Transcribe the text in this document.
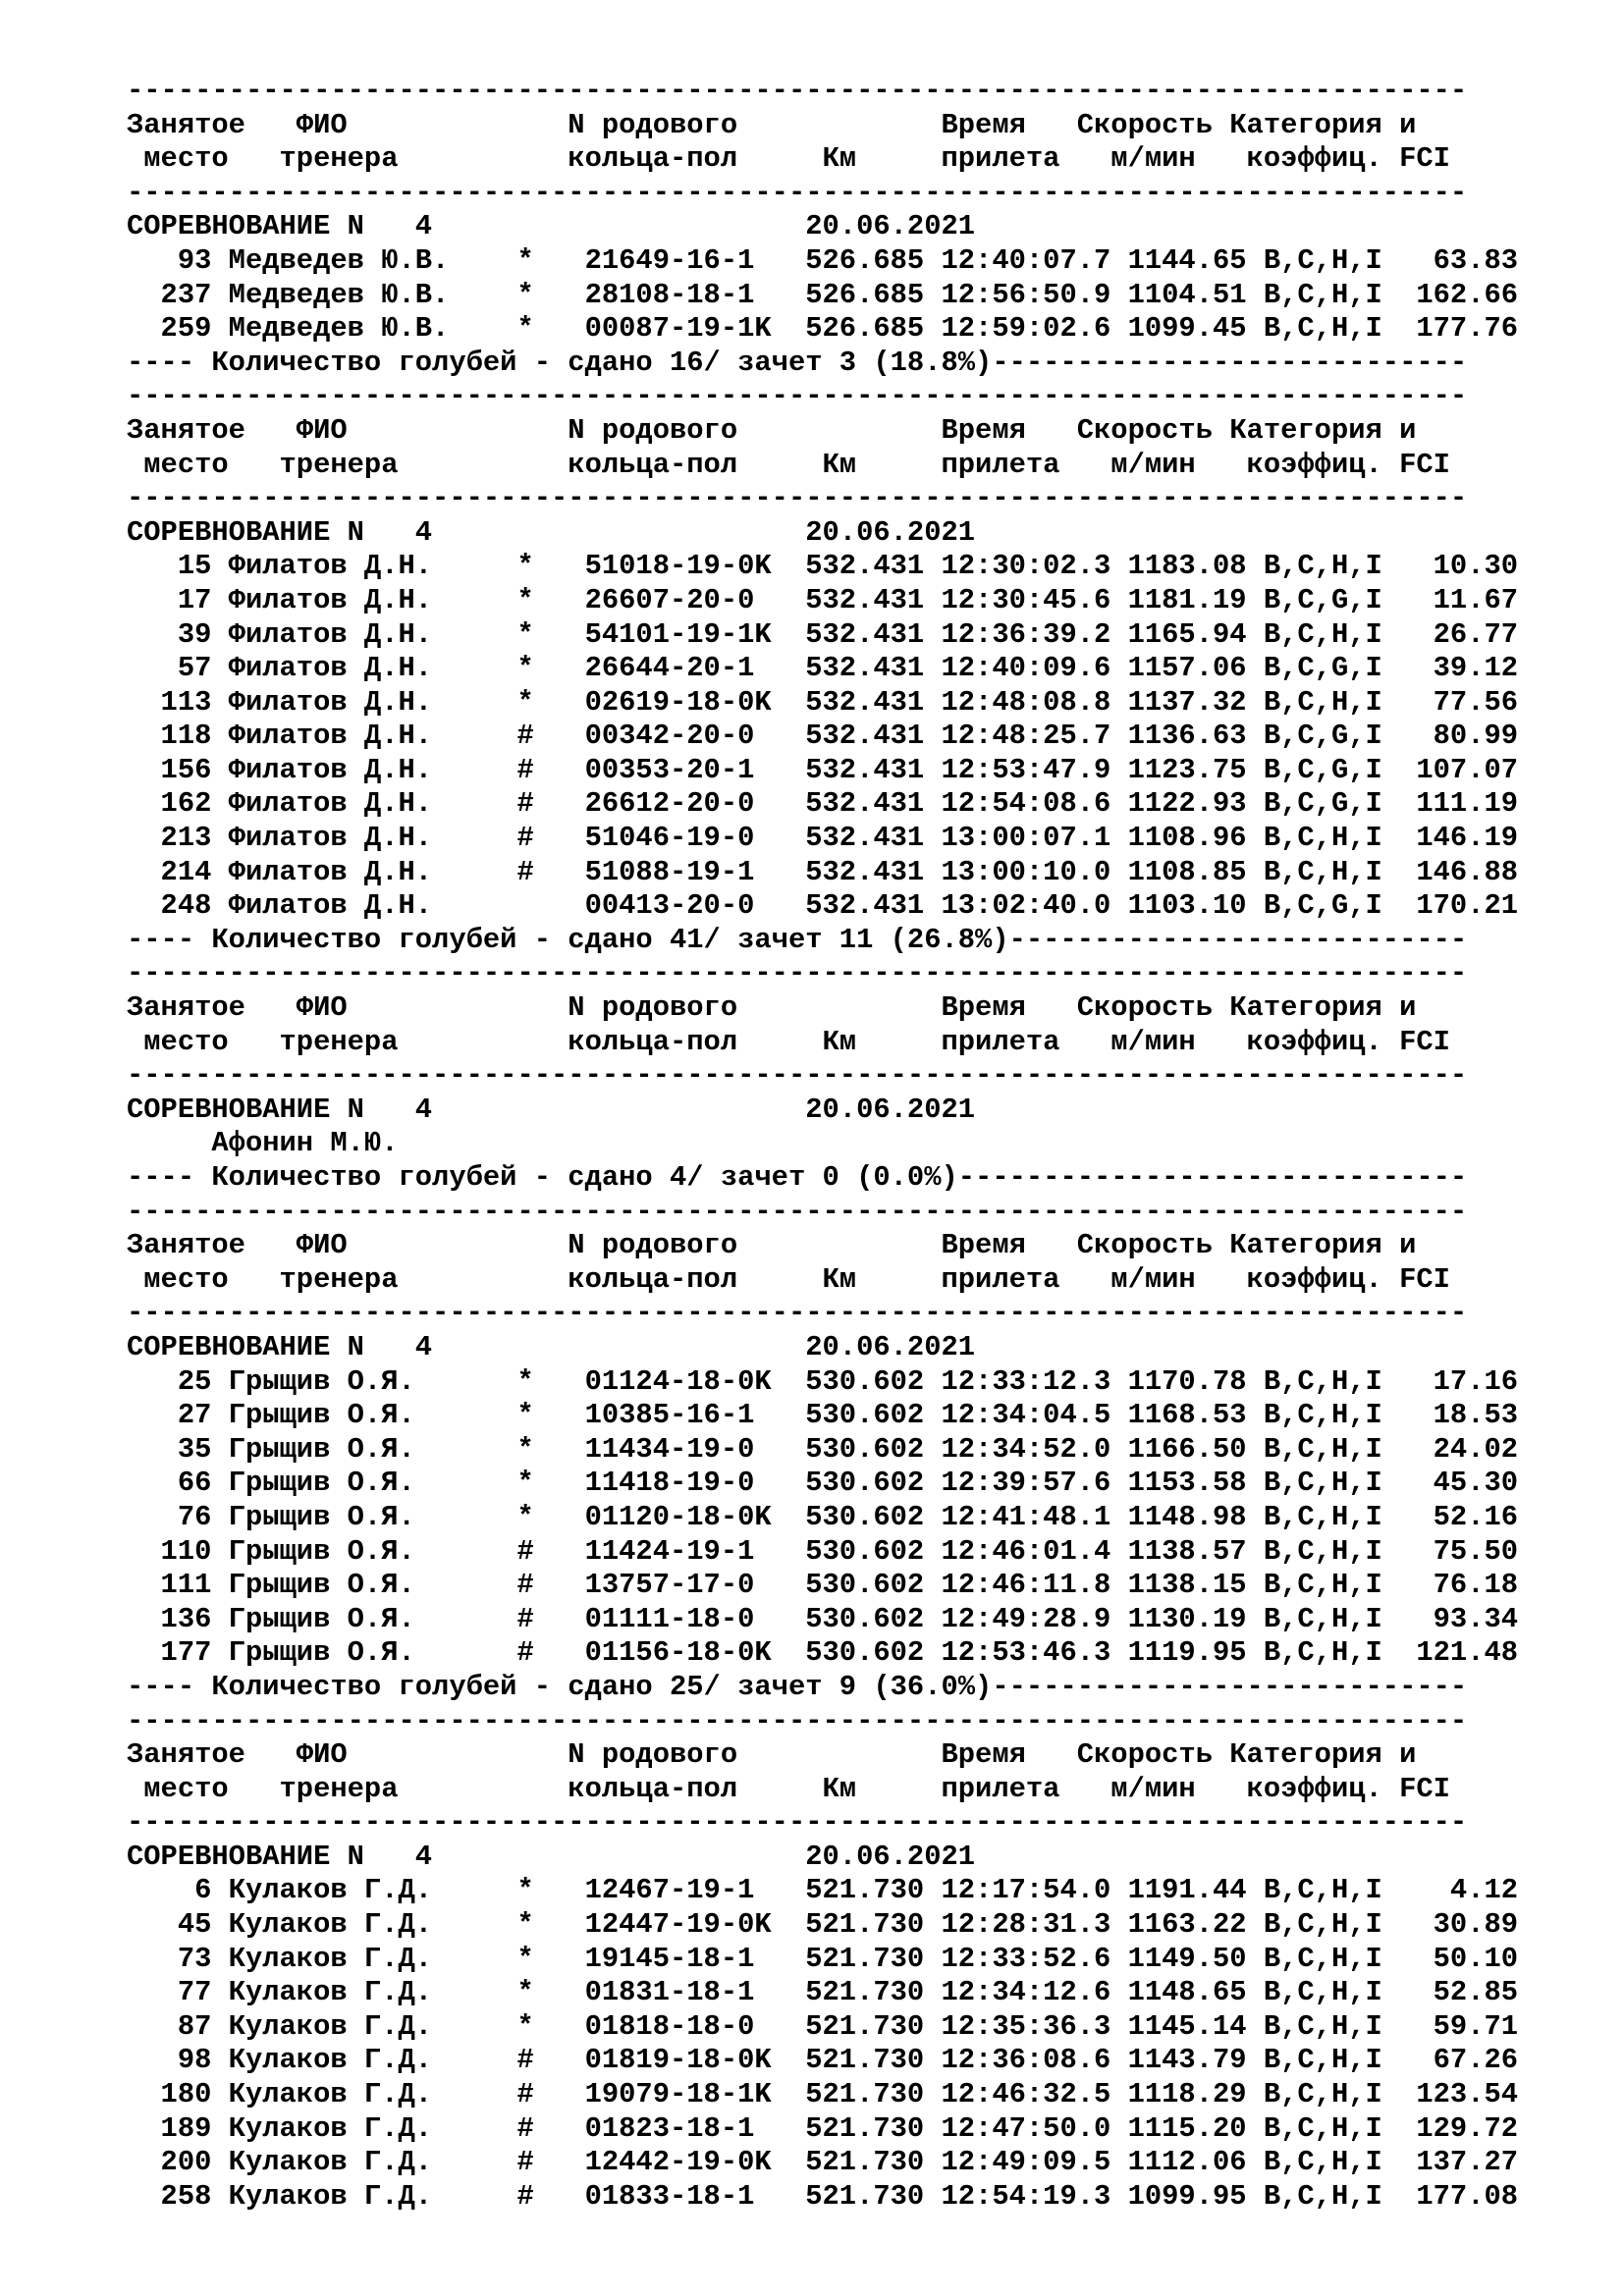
-------------------------------------------------------------------------------
Занятое   ФИО             N родового            Время   Скорость Категория и
место   тренера          кольца-пол     Км     прилета   м/мин   коэффиц. FCI
-------------------------------------------------------------------------------
СОРЕВНОВАНИЕ N   4                      20.06.2021
93 Медведев Ю.В.    *   21649-16-1   526.685 12:40:07.7 1144.65 B,C,H,I   63.83
237 Медведев Ю.В.    *   28108-18-1   526.685 12:56:50.9 1104.51 B,C,H,I  162.66
259 Медведев Ю.В.    *   00087-19-1K  526.685 12:59:02.6 1099.45 B,C,H,I  177.76
---- Количество голубей - сдано 16/ зачет 3 (18.8%)----------------------------
-------------------------------------------------------------------------------
Занятое   ФИО             N родового            Время   Скорость Категория и
место   тренера          кольца-пол     Км     прилета   м/мин   коэффиц. FCI
-------------------------------------------------------------------------------
СОРЕВНОВАНИЕ N   4                      20.06.2021
15 Филатов Д.Н.     *   51018-19-0K  532.431 12:30:02.3 1183.08 B,C,H,I   10.30
17 Филатов Д.Н.     *   26607-20-0   532.431 12:30:45.6 1181.19 B,C,G,I   11.67
39 Филатов Д.Н.     *   54101-19-1K  532.431 12:36:39.2 1165.94 B,C,H,I   26.77
57 Филатов Д.Н.     *   26644-20-1   532.431 12:40:09.6 1157.06 B,C,G,I   39.12
113 Филатов Д.Н.     *   02619-18-0K  532.431 12:48:08.8 1137.32 B,C,H,I   77.56
118 Филатов Д.Н.     #   00342-20-0   532.431 12:48:25.7 1136.63 B,C,G,I   80.99
156 Филатов Д.Н.     #   00353-20-1   532.431 12:53:47.9 1123.75 B,C,G,I  107.07
162 Филатов Д.Н.     #   26612-20-0   532.431 12:54:08.6 1122.93 B,C,G,I  111.19
213 Филатов Д.Н.     #   51046-19-0   532.431 13:00:07.1 1108.96 B,C,H,I  146.19
214 Филатов Д.Н.     #   51088-19-1   532.431 13:00:10.0 1108.85 B,C,H,I  146.88
248 Филатов Д.Н.         00413-20-0   532.431 13:02:40.0 1103.10 B,C,G,I  170.21
---- Количество голубей - сдано 41/ зачет 11 (26.8%)---------------------------
-------------------------------------------------------------------------------
Занятое   ФИО             N родового            Время   Скорость Категория и
место   тренера          кольца-пол     Км     прилета   м/мин   коэффиц. FCI
-------------------------------------------------------------------------------
СОРЕВНОВАНИЕ N   4                      20.06.2021
Афонин М.Ю.
---- Количество голубей - сдано 4/ зачет 0 (0.0%)------------------------------
-------------------------------------------------------------------------------
Занятое   ФИО             N родового            Время   Скорость Категория и
место   тренера          кольца-пол     Км     прилета   м/мин   коэффиц. FCI
-------------------------------------------------------------------------------
СОРЕВНОВАНИЕ N   4                      20.06.2021
25 Грыщив О.Я.      *   01124-18-0K  530.602 12:33:12.3 1170.78 B,C,H,I   17.16
27 Грыщив О.Я.      *   10385-16-1   530.602 12:34:04.5 1168.53 B,C,H,I   18.53
35 Грыщив О.Я.      *   11434-19-0   530.602 12:34:52.0 1166.50 B,C,H,I   24.02
66 Грыщив О.Я.      *   11418-19-0   530.602 12:39:57.6 1153.58 B,C,H,I   45.30
76 Грыщив О.Я.      *   01120-18-0K  530.602 12:41:48.1 1148.98 B,C,H,I   52.16
110 Грыщив О.Я.      #   11424-19-1   530.602 12:46:01.4 1138.57 B,C,H,I   75.50
111 Грыщив О.Я.      #   13757-17-0   530.602 12:46:11.8 1138.15 B,C,H,I   76.18
136 Грыщив О.Я.      #   01111-18-0   530.602 12:49:28.9 1130.19 B,C,H,I   93.34
177 Грыщив О.Я.      #   01156-18-0K  530.602 12:53:46.3 1119.95 B,C,H,I  121.48
---- Количество голубей - сдано 25/ зачет 9 (36.0%)----------------------------
-------------------------------------------------------------------------------
Занятое   ФИО             N родового            Время   Скорость Категория и
место   тренера          кольца-пол     Км     прилета   м/мин   коэффиц. FCI
-------------------------------------------------------------------------------
СОРЕВНОВАНИЕ N   4                      20.06.2021
6 Кулаков Г.Д.     *   12467-19-1   521.730 12:17:54.0 1191.44 B,C,H,I    4.12
45 Кулаков Г.Д.     *   12447-19-0K  521.730 12:28:31.3 1163.22 B,C,H,I   30.89
73 Кулаков Г.Д.     *   19145-18-1   521.730 12:33:52.6 1149.50 B,C,H,I   50.10
77 Кулаков Г.Д.     *   01831-18-1   521.730 12:34:12.6 1148.65 B,C,H,I   52.85
87 Кулаков Г.Д.     *   01818-18-0   521.730 12:35:36.3 1145.14 B,C,H,I   59.71
98 Кулаков Г.Д.     #   01819-18-0K  521.730 12:36:08.6 1143.79 B,C,H,I   67.26
180 Кулаков Г.Д.     #   19079-18-1K  521.730 12:46:32.5 1118.29 B,C,H,I  123.54
189 Кулаков Г.Д.     #   01823-18-1   521.730 12:47:50.0 1115.20 B,C,H,I  129.72
200 Кулаков Г.Д.     #   12442-19-0K  521.730 12:49:09.5 1112.06 B,C,H,I  137.27
258 Кулаков Г.Д.     #   01833-18-1   521.730 12:54:19.3 1099.95 B,C,H,I  177.08
